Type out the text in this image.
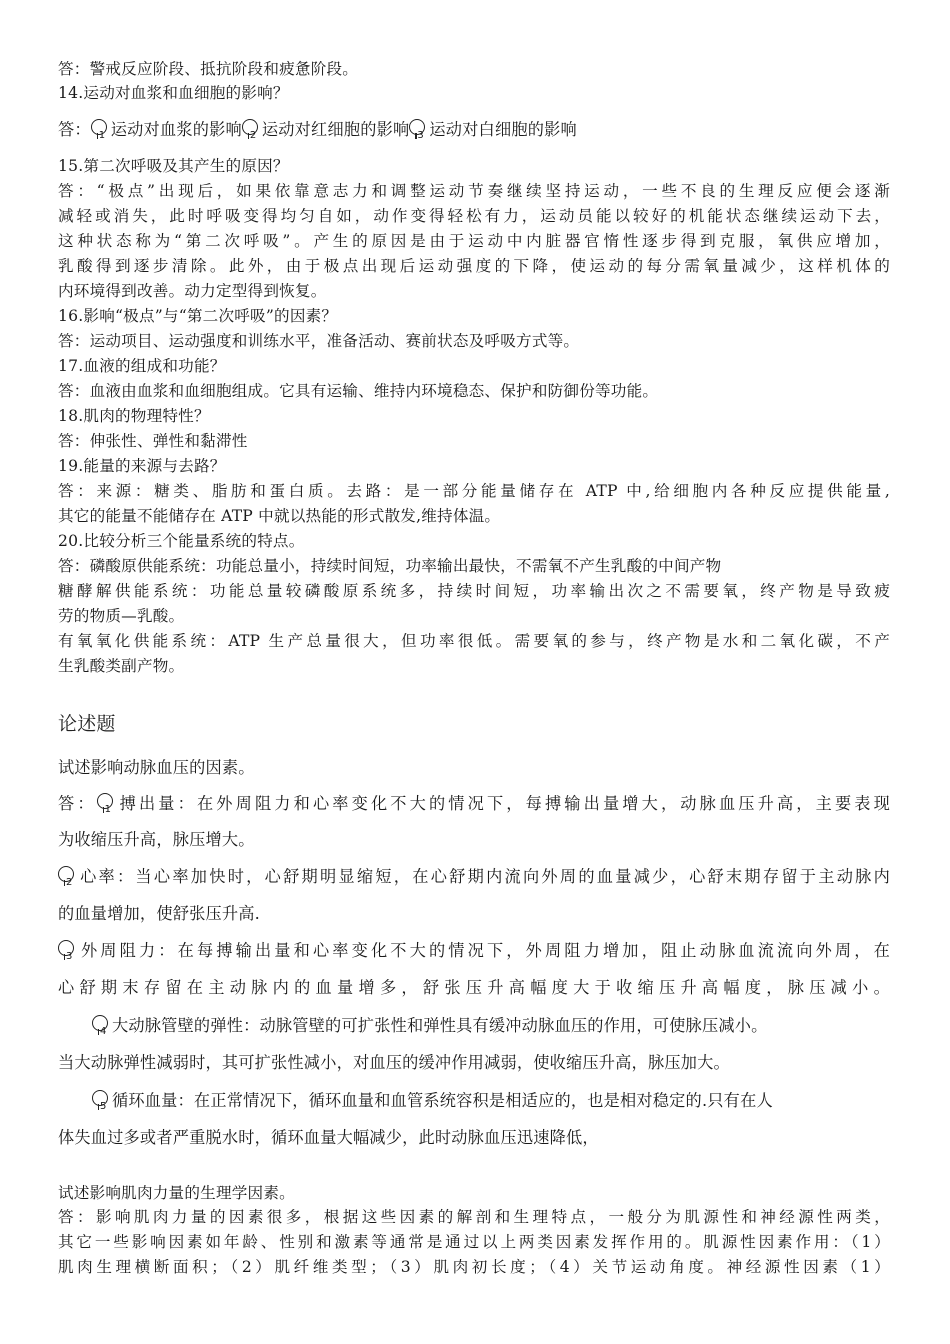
答：警戒反应阶段、抵抗阶段和疲惫阶段。
14.运动对血浆和血细胞的影响？
答： 1 运动对血浆的影响 2 运动对红细胞的影响 3 运动对白细胞的影响
15.第二次呼吸及其产生的原因？
答：“极点”出现后，如果依靠意志力和调整运动节奏继续坚持运动，一些不良的生理反应便会逐渐
减轻或消失，此时呼吸变得均匀自如，动作变得轻松有力，运动员能以较好的机能状态继续运动下去，
这种状态称为“第二次呼吸”。产生的原因是由于运动中内脏器官惰性逐步得到克服，氧供应增加，
乳酸得到逐步清除。此外，由于极点出现后运动强度的下降，使运动的每分需氧量减少，这样机体的
内环境得到改善。动力定型得到恢复。
16.影响“极点”与“第二次呼吸”的因素？
答：运动项目、运动强度和训练水平，准备活动、赛前状态及呼吸方式等。
17.血液的组成和功能？
答：血液由血浆和血细胞组成。它具有运输、维持内环境稳态、保护和防御份等功能。
18.肌肉的物理特性？
答：伸张性、弹性和黏滞性
19.能量的来源与去路？
答：来源：糖类、脂肪和蛋白质。去路：是一部分能量储存在 ATP 中,给细胞内各种反应提供能量,
其它的能量不能储存在 ATP 中就以热能的形式散发,维持体温。
20.比较分析三个能量系统的特点。
答：磷酸原供能系统：功能总量小，持续时间短，功率输出最快，不需氧不产生乳酸的中间产物
糖酵解供能系统：功能总量较磷酸原系统多，持续时间短，功率输出次之不需要氧，终产物是导致疲
劳的物质—乳酸。
有氧氧化供能系统：ATP 生产总量很大，但功率很低。需要氧的参与，终产物是水和二氧化碳，不产
生乳酸类副产物。
论述题
试述影响动脉血压的因素。
答： 1 搏出量：在外周阻力和心率变化不大的情况下，每搏输出量增大，动脉血压升高，主要表现
为收缩压升高，脉压增大。
2 心率：当心率加快时，心舒期明显缩短，在心舒期内流向外周的血量减少，心舒末期存留于主动脉内
的血量增加，使舒张压升高.
3 外周阻力：在每搏输出量和心率变化不大的情况下，外周阻力增加，阻止动脉血流流向外周，在
心舒期末存留在主动脉内的血量增多，舒张压升高幅度大于收缩压升高幅度，脉压减小。
4 大动脉管壁的弹性：动脉管壁的可扩张性和弹性具有缓冲动脉血压的作用，可使脉压减小。
当大动脉弹性减弱时，其可扩张性减小，对血压的缓冲作用减弱，使收缩压升高，脉压加大。
5 循环血量：在正常情况下，循环血量和血管系统容积是相适应的，也是相对稳定的.只有在人
体失血过多或者严重脱水时，循环血量大幅减少，此时动脉血压迅速降低，
试述影响肌肉力量的生理学因素。
答：影响肌肉力量的因素很多，根据这些因素的解剖和生理特点，一般分为肌源性和神经源性两类，
其它一些影响因素如年龄、性别和激素等通常是通过以上两类因素发挥作用的。肌源性因素作用：（1）
肌肉生理横断面积；（2）肌纤维类型；（3）肌肉初长度；（4）关节运动角度。神经源性因素（1）
